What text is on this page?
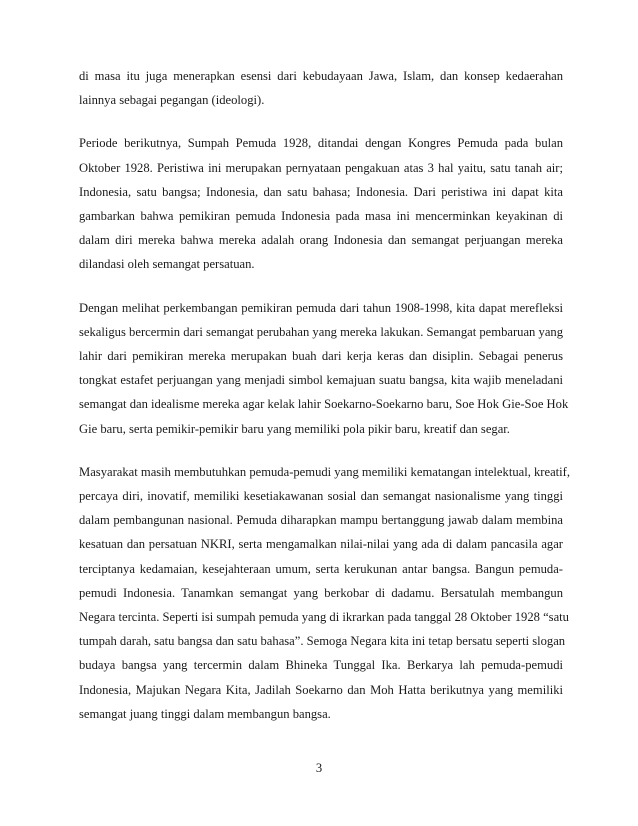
di masa itu juga menerapkan esensi dari kebudayaan Jawa, Islam, dan konsep kedaerahan
lainnya sebagai pegangan (ideologi).

Periode berikutnya, Sumpah Pemuda 1928, ditandai dengan Kongres Pemuda pada bulan
Oktober 1928. Peristiwa ini merupakan pernyataan pengakuan atas 3 hal yaitu, satu tanah air;
Indonesia, satu bangsa; Indonesia, dan satu bahasa; Indonesia. Dari peristiwa ini dapat kita
gambarkan bahwa pemikiran pemuda Indonesia pada masa ini mencerminkan keyakinan di
dalam diri mereka bahwa mereka adalah orang Indonesia dan semangat perjuangan mereka
dilandasi oleh semangat persatuan.

Dengan melihat perkembangan pemikiran pemuda dari tahun 1908-1998, kita dapat merefleksi
sekaligus bercermin dari semangat perubahan yang mereka lakukan. Semangat pembaruan yang
lahir dari pemikiran mereka merupakan buah dari kerja keras dan disiplin. Sebagai penerus
tongkat estafet perjuangan yang menjadi simbol kemajuan suatu bangsa, kita wajib meneladani
semangat dan idealisme mereka agar kelak lahir Soekarno-Soekarno baru, Soe Hok Gie-Soe Hok
Gie baru, serta pemikir-pemikir baru yang memiliki pola pikir baru, kreatif dan segar.

Masyarakat masih membutuhkan pemuda-pemudi yang memiliki kematangan intelektual, kreatif,
percaya diri, inovatif, memiliki kesetiakawanan sosial dan semangat nasionalisme yang tinggi
dalam pembangunan nasional. Pemuda diharapkan mampu bertanggung jawab dalam membina
kesatuan dan persatuan NKRI, serta mengamalkan nilai-nilai yang ada di dalam pancasila agar
terciptanya kedamaian, kesejahteraan umum, serta kerukunan antar bangsa. Bangun pemuda-
pemudi Indonesia. Tanamkan semangat yang berkobar di dadamu. Bersatulah membangun
Negara tercinta. Seperti isi sumpah pemuda yang di ikrarkan pada tanggal 28 Oktober 1928 “satu
tumpah darah, satu bangsa dan satu bahasa”. Semoga Negara kita ini tetap bersatu seperti slogan
budaya bangsa yang tercermin dalam Bhineka Tunggal Ika. Berkarya lah pemuda-pemudi
Indonesia, Majukan Negara Kita, Jadilah Soekarno dan Moh Hatta berikutnya yang memiliki
semangat juang tinggi dalam membangun bangsa.

3
